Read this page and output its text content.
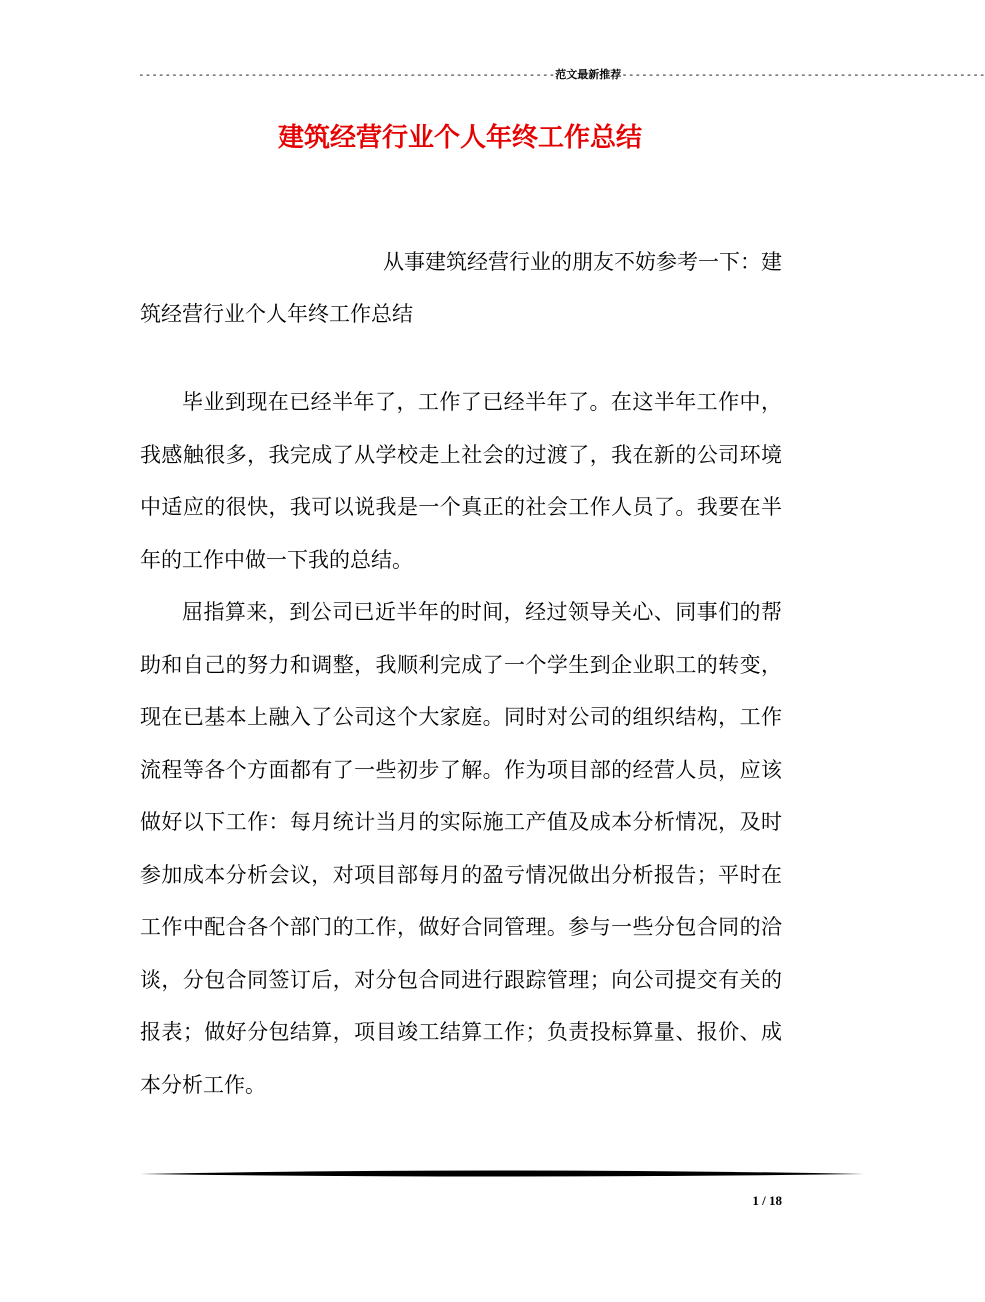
---------------------------------------------------------------范文最新推荐-------------------------------------------------------
建筑经营行业个人年终工作总结
从事建筑经营行业的朋友不妨参考一下：建
筑经营行业个人年终工作总结

毕业到现在已经半年了，工作了已经半年了。在这半年工作中，我感触很多，我完成了从学校走上社会的过渡了，我在新的公司环境中适应的很快，我可以说我是一个真正的社会工作人员了。我要在半年的工作中做一下我的总结。

屈指算来，到公司已近半年的时间，经过领导关心、同事们的帮助和自己的努力和调整，我顺利完成了一个学生到企业职工的转变，现在已基本上融入了公司这个大家庭。同时对公司的组织结构，工作流程等各个方面都有了一些初步了解。作为项目部的经营人员，应该做好以下工作：每月统计当月的实际施工产值及成本分析情况，及时参加成本分析会议，对项目部每月的盈亏情况做出分析报告；平时在工作中配合各个部门的工作，做好合同管理。参与一些分包合同的洽谈，分包合同签订后，对分包合同进行跟踪管理；向公司提交有关的报表；做好分包结算，项目竣工结算工作；负责投标算量、报价、成本分析工作。

1 / 18
